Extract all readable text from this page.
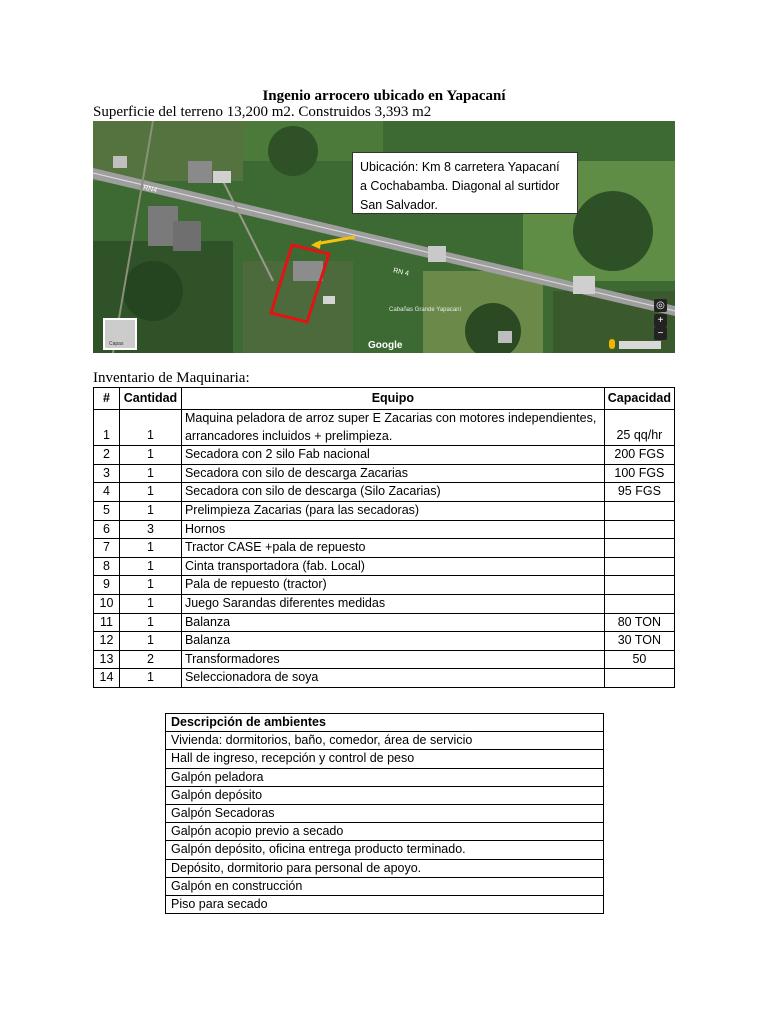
Ingenio arrocero ubicado en Yapacaní
Superficie del terreno 13,200 m2. Construidos 3,393 m2
RN4
RN 4
Cabañas Grande Yapacaní
Ubicación: Km 8 carretera Yapacaní a Cochabamba. Diagonal al surtidor San Salvador.
Capas	Google
◎
+
−
Inventario de Maquinaria:
#	Cantidad	Equipo	Capacidad
1	1	Maquina peladora de arroz super E Zacarias con motores independientes,
arrancadores incluidos + prelimpieza.	25 qq/hr
2	1	Secadora con 2 silo Fab nacional	200 FGS
3	1	Secadora con silo de descarga Zacarias	100 FGS
4	1	Secadora con silo de descarga (Silo Zacarias)	95 FGS
5	1	Prelimpieza Zacarias (para las secadoras)	
6	3	Hornos	
7	1	Tractor CASE +pala de repuesto	
8	1	Cinta transportadora (fab. Local)	
9	1	Pala de repuesto (tractor)	
10	1	Juego Sarandas diferentes medidas	
11	1	Balanza	80 TON
12	1	Balanza	30 TON
13	2	Transformadores	50
14	1	Seleccionadora de soya	
Descripción de ambientes
Vivienda: dormitorios, baño, comedor, área de servicio
Hall de ingreso, recepción y control de peso
Galpón peladora
Galpón depósito
Galpón Secadoras
Galpón acopio previo a secado
Galpón depósito, oficina entrega producto terminado.
Depósito, dormitorio para personal de apoyo.
Galpón en construcción
Piso para secado
